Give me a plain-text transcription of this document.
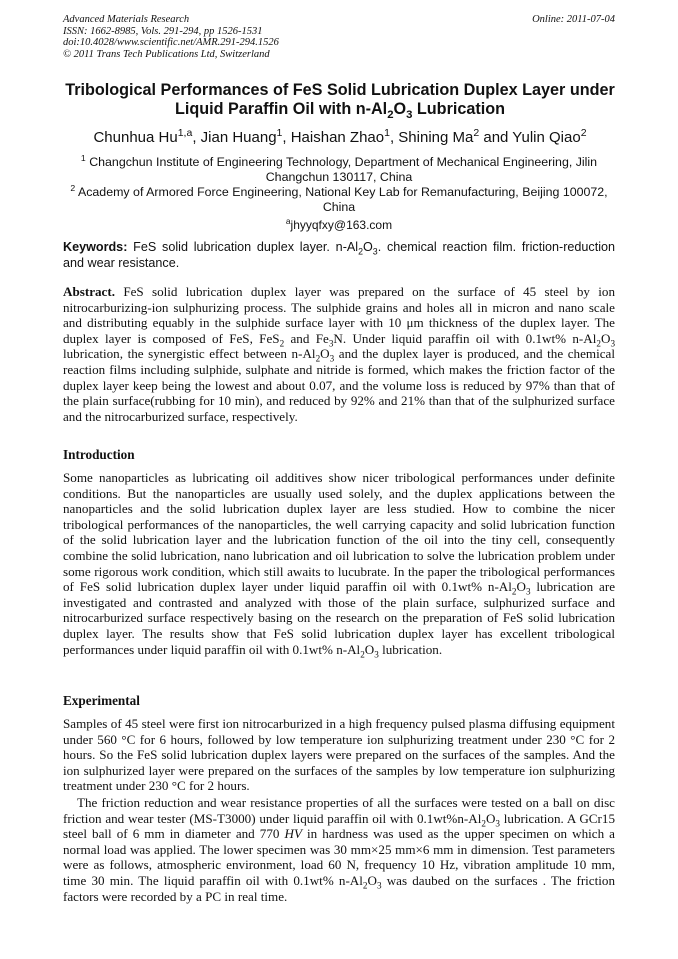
Advanced Materials Research
ISSN: 1662-8985, Vols. 291-294, pp 1526-1531
doi:10.4028/www.scientific.net/AMR.291-294.1526
© 2011 Trans Tech Publications Ltd, Switzerland
Online: 2011-07-04
Tribological Performances of FeS Solid Lubrication Duplex Layer under
Liquid Paraffin Oil with $n-Al_2O_3$ Lubrication
Chunhua Hu$^{1,a}$, Jian Huang$^1$, Haishan Zhao$^1$, Shining Ma$^2$ and Yulin Qiao$^2$
$^1$ Changchun Institute of Engineering Technology, Department of Mechanical Engineering, Jilin Changchun 130117, China
$^2$ Academy of Armored Force Engineering, National Key Lab for Remanufacturing, Beijing 100072, China
$^a$jhyyqfxy@163.com
Keywords: FeS solid lubrication duplex layer. $n-Al_2O_3$. chemical reaction film. friction-reduction and wear resistance.
Abstract. FeS solid lubrication duplex layer was prepared on the surface of 45 steel by ion nitrocarburizing-ion sulphurizing process. The sulphide grains and holes all in micron and nano scale and distributing equably in the sulphide surface layer with 10 μm thickness of the duplex layer. The duplex layer is composed of FeS, FeS$_2$ and $Fe_3N$. Under liquid paraffin oil with 0.1wt% $n-Al_2O_3$ lubrication, the synergistic effect between $n-Al_2O_3$ and the duplex layer is produced, and the chemical reaction films including sulphide, sulphate and nitride is formed, which makes the friction factor of the duplex layer keep being the lowest and about 0.07, and the volume loss is reduced by 97% than that of the plain surface(rubbing for 10 min), and reduced by 92% and 21% than that of the sulphurized surface and the nitrocarburized surface, respectively.
Introduction
Some nanoparticles as lubricating oil additives show nicer tribological performances under definite conditions. But the nanoparticles are usually used solely, and the duplex applications between the nanoparticles and the solid lubrication duplex layer are less studied. How to combine the nicer tribological performances of the nanoparticles, the well carrying capacity and solid lubrication function of the solid lubrication layer and the lubrication function of the oil into the tiny cell, consequently combine the solid lubrication, nano lubrication and oil lubrication to solve the lubrication problem under some rigorous work condition, which still awaits to lucubrate. In the paper the tribological performances of FeS solid lubrication duplex layer under liquid paraffin oil with 0.1wt% $n-Al_2O_3$ lubrication are investigated and contrasted and analyzed with those of the plain surface, sulphurized surface and nitrocarburized surface respectively basing on the research on the preparation of FeS solid lubrication duplex layer. The results show that FeS solid lubrication duplex layer has excellent tribological performances under liquid paraffin oil with 0.1wt% $n-Al_2O_3$ lubrication.
Experimental
Samples of 45 steel were first ion nitrocarburized in a high frequency pulsed plasma diffusing equipment under 560 °C for 6 hours, followed by low temperature ion sulphurizing treatment under 230 °C for 2 hours. So the FeS solid lubrication duplex layers were prepared on the surfaces of the samples. And the ion sulphurized layer were prepared on the surfaces of the samples by low temperature ion sulphurizing treatment under 230 °C for 2 hours.
The friction reduction and wear resistance properties of all the surfaces were tested on a ball on disc friction and wear tester (MS-T3000) under liquid paraffin oil with $0.1wt\%n-Al_2O_3$ lubrication. A GCr15 steel ball of 6 mm in diameter and 770 HV in hardness was used as the upper specimen on which a normal load was applied. The lower specimen was 30 mm×25 mm×6 mm in dimension. Test parameters were as follows, atmospheric environment, load 60 N, frequency 10 Hz, vibration amplitude 10 mm, time 30 min. The liquid paraffin oil with 0.1wt% $n-Al_2O_3$ was daubed on the surfaces . The friction factors were recorded by a PC in real time.
